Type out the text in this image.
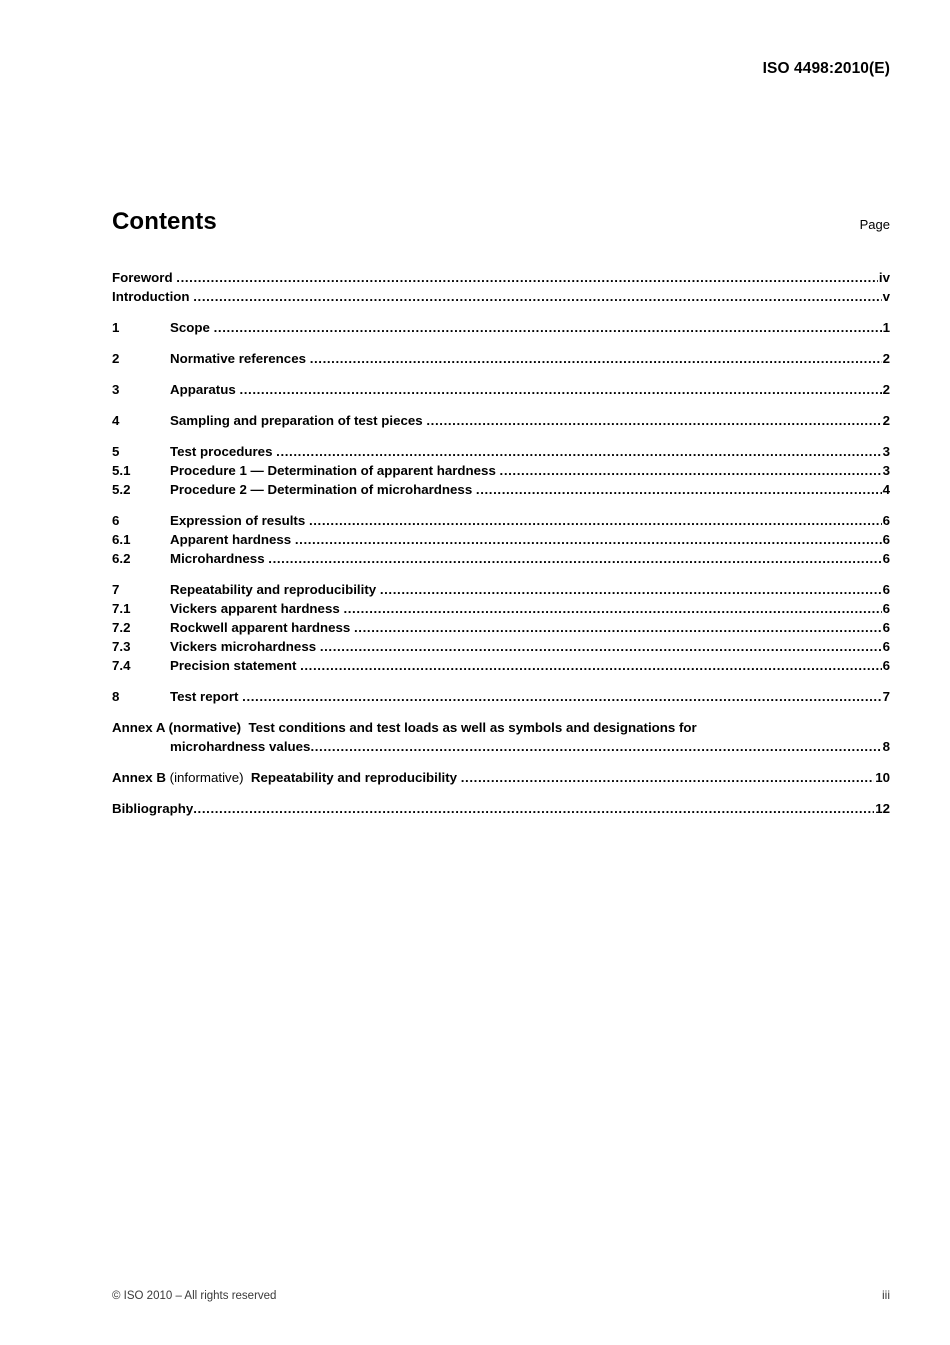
ISO 4498:2010(E)
Contents	Page
Foreword .....	iv
Introduction .....	v
1	Scope .....	1
2	Normative references .....	2
3	Apparatus .....	2
4	Sampling and preparation of test pieces .....	2
5	Test procedures .....	3
5.1	Procedure 1 — Determination of apparent hardness .....	3
5.2	Procedure 2 — Determination of microhardness .....	4
6	Expression of results .....	6
6.1	Apparent hardness .....	6
6.2	Microhardness .....	6
7	Repeatability and reproducibility .....	6
7.1	Vickers apparent hardness .....	6
7.2	Rockwell apparent hardness .....	6
7.3	Vickers microhardness .....	6
7.4	Precision statement .....	6
8	Test report .....	7
Annex A (normative)  Test conditions and test loads as well as symbols and designations for
microhardness values .....	8
Annex B (informative)  Repeatability and reproducibility .....	10
Bibliography .....	12
© ISO 2010 – All rights reserved	iii
